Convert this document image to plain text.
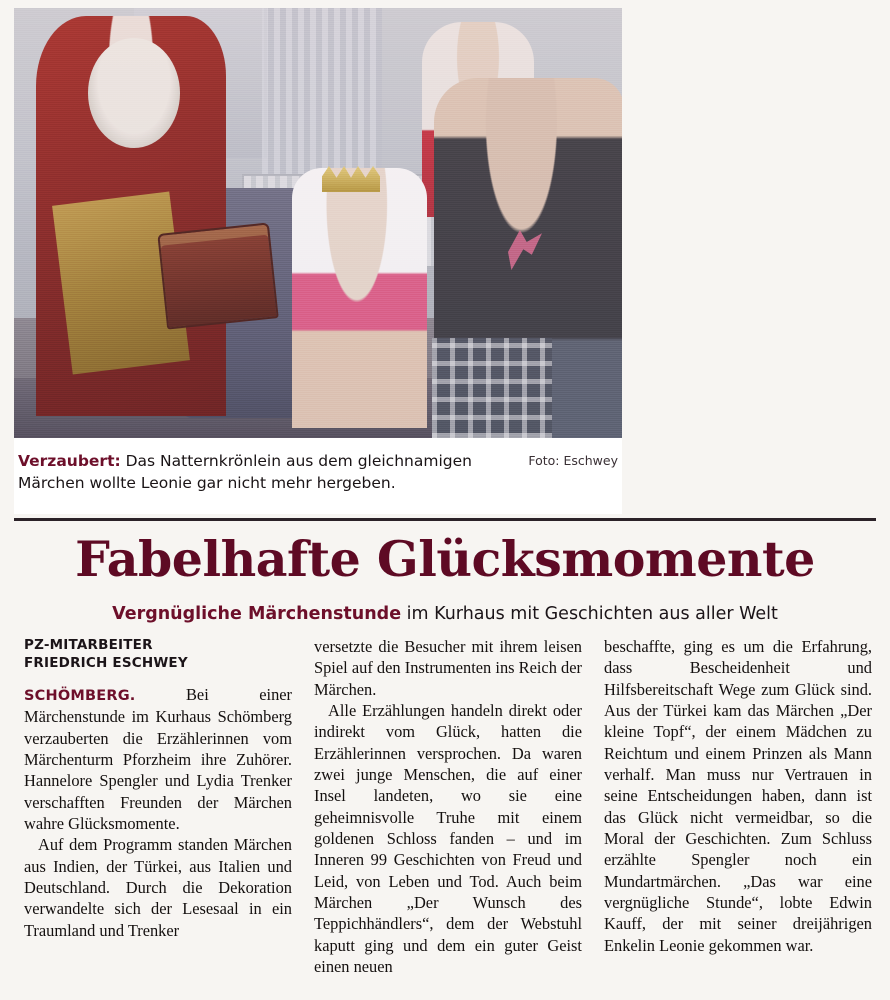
Foto: Eschwey
Verzaubert: Das Natternkrönlein aus dem gleichnamigen Märchen wollte Leonie gar nicht mehr hergeben.
Fabelhafte Glücksmomente
Vergnügliche Märchenstunde im Kurhaus mit Geschichten aus aller Welt
PZ-MITARBEITER
FRIEDRICH ESCHWEY

SCHÖMBERG. Bei einer Märchenstunde im Kurhaus Schömberg verzauberten die Erzählerinnen vom Märchenturm Pforzheim ihre Zuhörer. Hannelore Spengler und Lydia Trenker verschafften Freunden der Märchen wahre Glücksmomente.

Auf dem Programm standen Märchen aus Indien, der Türkei, aus Italien und Deutschland. Durch die Dekoration verwandelte sich der Lesesaal in ein Traumland und Trenker

versetzte die Besucher mit ihrem leisen Spiel auf den Instrumenten ins Reich der Märchen.

Alle Erzählungen handeln direkt oder indirekt vom Glück, hatten die Erzählerinnen versprochen. Da waren zwei junge Menschen, die auf einer Insel landeten, wo sie eine geheimnisvolle Truhe mit einem goldenen Schloss fanden – und im Inneren 99 Geschichten von Freud und Leid, von Leben und Tod. Auch beim Märchen „Der Wunsch des Teppichhändlers“, dem der Webstuhl kaputt ging und dem ein guter Geist einen neuen

beschaffte, ging es um die Erfahrung, dass Bescheidenheit und Hilfsbereitschaft Wege zum Glück sind. Aus der Türkei kam das Märchen „Der kleine Topf“, der einem Mädchen zu Reichtum und einem Prinzen als Mann verhalf. Man muss nur Vertrauen in seine Entscheidungen haben, dann ist das Glück nicht vermeidbar, so die Moral der Geschichten. Zum Schluss erzählte Spengler noch ein Mundartmärchen. „Das war eine vergnügliche Stunde“, lobte Edwin Kauff, der mit seiner dreijährigen Enkelin Leonie gekommen war.
